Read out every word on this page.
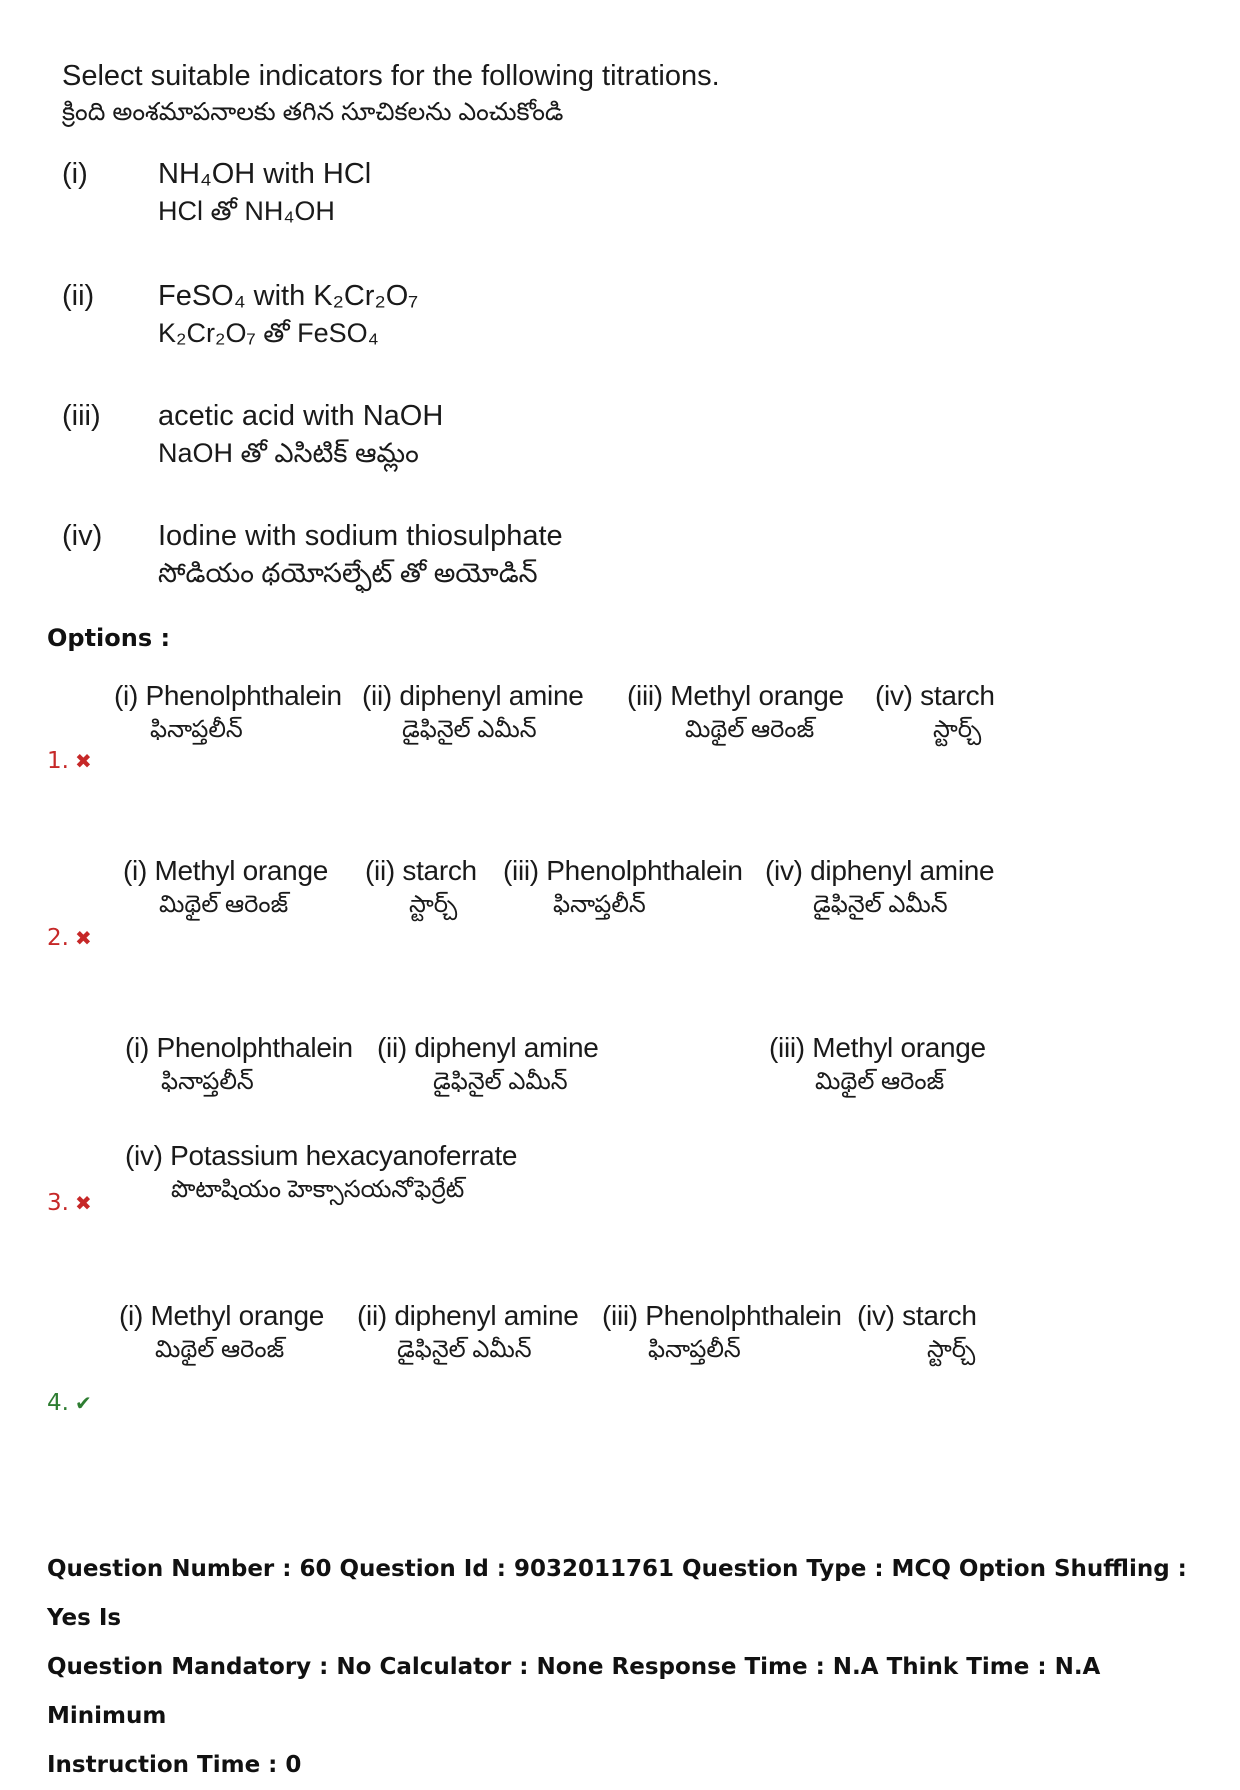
Select suitable indicators for the following titrations.
క్రింది అంశమాపనాలకు తగిన సూచికలను ఎంచుకోండి
(i) NH₄OH with HCl
HCl తో NH₄OH
(ii) FeSO₄ with K₂Cr₂O₇
K₂Cr₂O₇ తో FeSO₄
(iii) acetic acid with NaOH
NaOH తో ఎసిటిక్ ఆమ్లం
(iv) Iodine with sodium thiosulphate
సోడియం థయోసల్ఫేట్ తో అయోడిన్
Options :
(i) Phenolphthalein
ఫినాప్తలీన్
(ii) diphenyl amine
డైఫినైల్ ఎమీన్
(iii) Methyl orange
మిథైల్ ఆరెంజ్
(iv) starch
స్టార్చ్
1. ✖
(i) Methyl orange
మిథైల్ ఆరెంజ్
(ii) starch
స్టార్చ్
(iii) Phenolphthalein
ఫినాప్తలీన్
(iv) diphenyl amine
డైఫినైల్ ఎమీన్
2. ✖
(i) Phenolphthalein
ఫినాప్తలీన్
(ii) diphenyl amine
డైఫినైల్ ఎమీన్
(iii) Methyl orange
మిథైల్ ఆరెంజ్
(iv) Potassium hexacyanoferrate
పొటాషియం హెక్సాసయనోఫెర్రేట్
3. ✖
(i) Methyl orange
మిథైల్ ఆరెంజ్
(ii) diphenyl amine
డైఫినైల్ ఎమీన్
(iii) Phenolphthalein
ఫినాప్తలీన్
(iv) starch
స్టార్చ్
4. ✔
Question Number : 60 Question Id : 9032011761 Question Type : MCQ Option Shuffling : Yes Is
Question Mandatory : No Calculator : None Response Time : N.A Think Time : N.A Minimum
Instruction Time : 0
